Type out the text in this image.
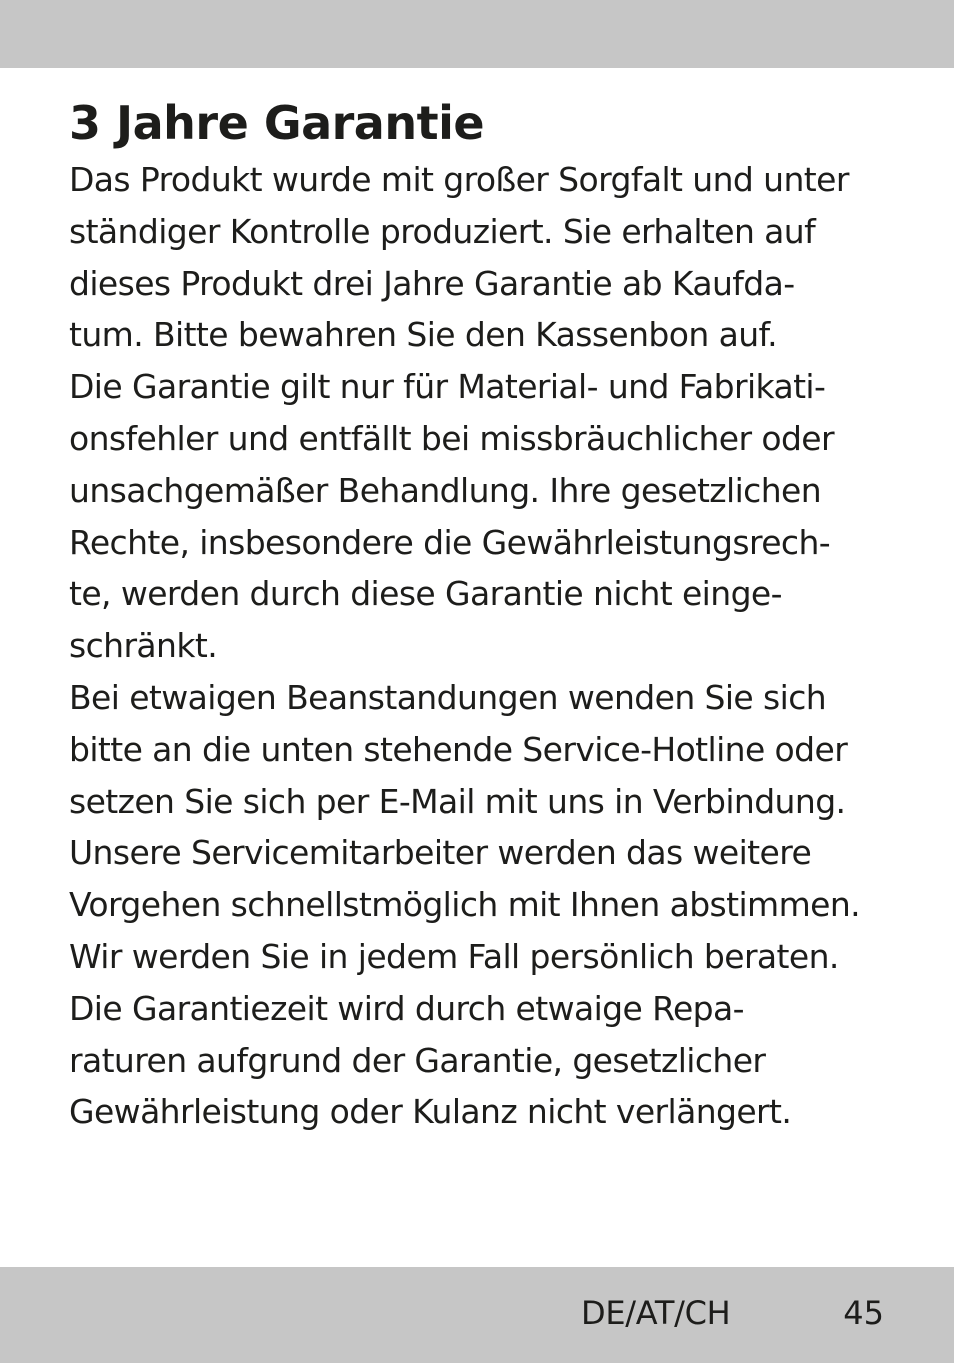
3 Jahre Garantie
Das Produkt wurde mit großer Sorgfalt und unter
ständiger Kontrolle produziert. Sie erhalten auf
dieses Produkt drei Jahre Garantie ab Kaufda-
tum. Bitte bewahren Sie den Kassenbon auf.
Die Garantie gilt nur für Material- und Fabrikati-
onsfehler und entfällt bei missbräuchlicher oder
unsachgemäßer Behandlung. Ihre gesetzlichen
Rechte, insbesondere die Gewährleistungsrech-
te, werden durch diese Garantie nicht einge-
schränkt.
Bei etwaigen Beanstandungen wenden Sie sich
bitte an die unten stehende Service-Hotline oder
setzen Sie sich per E-Mail mit uns in Verbindung.
Unsere Servicemitarbeiter werden das weitere
Vorgehen schnellstmöglich mit Ihnen abstimmen.
Wir werden Sie in jedem Fall persönlich beraten.
Die Garantiezeit wird durch etwaige Repa-
raturen aufgrund der Garantie, gesetzlicher
Gewährleistung oder Kulanz nicht verlängert.
DE/AT/CH	45
